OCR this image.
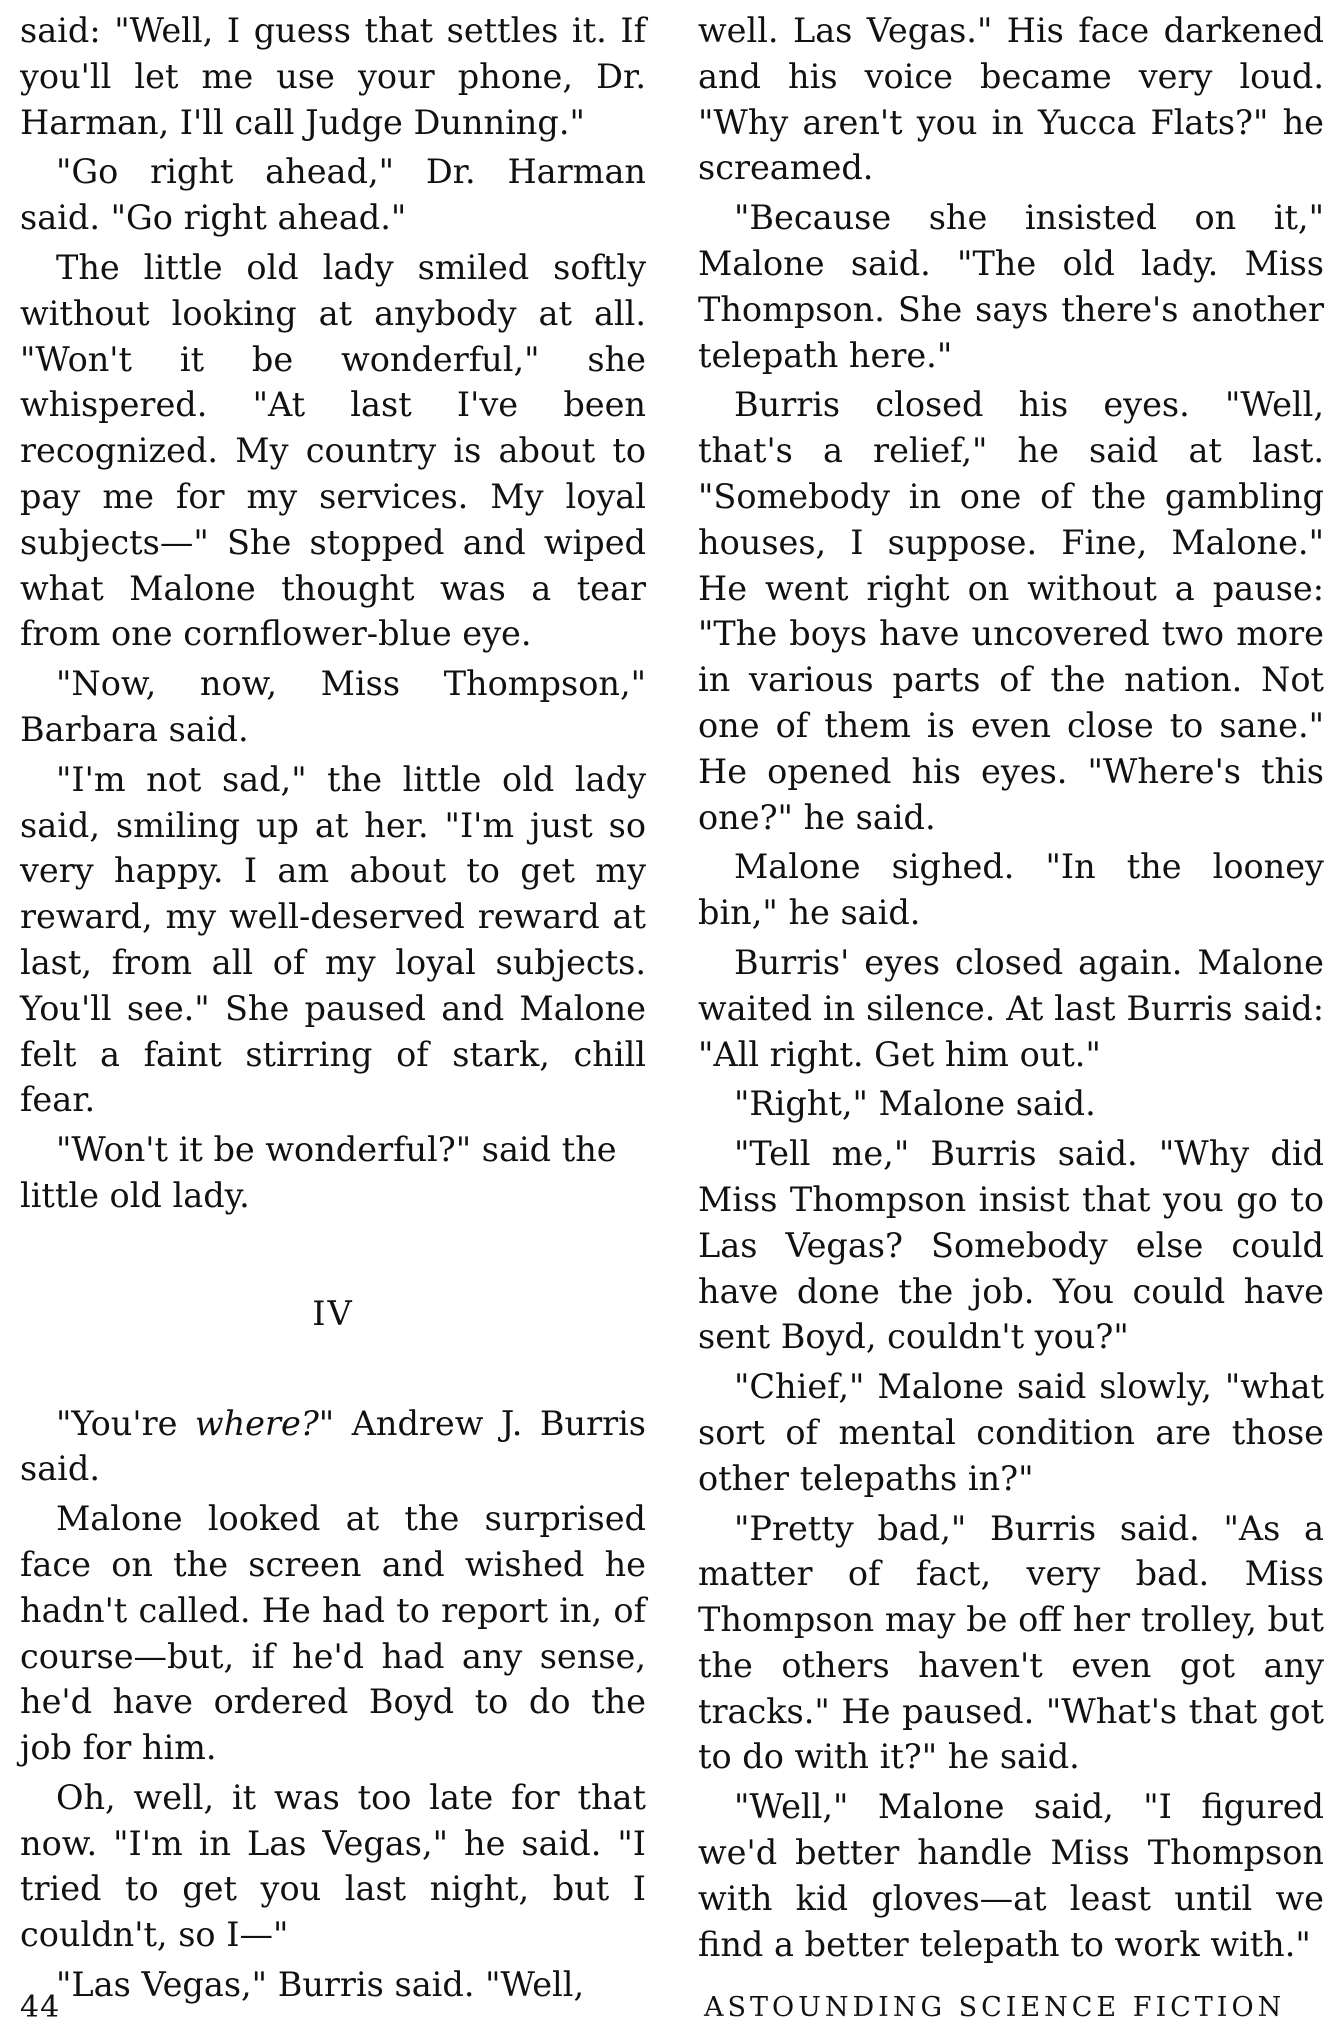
said: "Well, I guess that settles it. If you'll let me use your phone, Dr. Harman, I'll call Judge Dunning."

"Go right ahead," Dr. Harman said. "Go right ahead."

The little old lady smiled softly without looking at anybody at all. "Won't it be wonderful," she whispered. "At last I've been recognized. My country is about to pay me for my services. My loyal subjects—" She stopped and wiped what Malone thought was a tear from one cornflower-blue eye.

"Now, now, Miss Thompson," Barbara said.

"I'm not sad," the little old lady said, smiling up at her. "I'm just so very happy. I am about to get my reward, my well-deserved reward at last, from all of my loyal subjects. You'll see." She paused and Malone felt a faint stirring of stark, chill fear.

"Won't it be wonderful?" said the little old lady.

IV

"You're where?" Andrew J. Burris said.

Malone looked at the surprised face on the screen and wished he hadn't called. He had to report in, of course—but, if he'd had any sense, he'd have ordered Boyd to do the job for him.

Oh, well, it was too late for that now. "I'm in Las Vegas," he said. "I tried to get you last night, but I couldn't, so I—"

"Las Vegas," Burris said. "Well,

well. Las Vegas." His face darkened and his voice became very loud. "Why aren't you in Yucca Flats?" he screamed.

"Because she insisted on it," Malone said. "The old lady. Miss Thompson. She says there's another telepath here."

Burris closed his eyes. "Well, that's a relief," he said at last. "Somebody in one of the gambling houses, I suppose. Fine, Malone." He went right on without a pause: "The boys have uncovered two more in various parts of the nation. Not one of them is even close to sane." He opened his eyes. "Where's this one?" he said.

Malone sighed. "In the looney bin," he said.

Burris' eyes closed again. Malone waited in silence. At last Burris said: "All right. Get him out."

"Right," Malone said.

"Tell me," Burris said. "Why did Miss Thompson insist that you go to Las Vegas? Somebody else could have done the job. You could have sent Boyd, couldn't you?"

"Chief," Malone said slowly, "what sort of mental condition are those other telepaths in?"

"Pretty bad," Burris said. "As a matter of fact, very bad. Miss Thompson may be off her trolley, but the others haven't even got any tracks." He paused. "What's that got to do with it?" he said.

"Well," Malone said, "I figured we'd better handle Miss Thompson with kid gloves—at least until we find a better telepath to work with."

44	ASTOUNDING SCIENCE FICTION
